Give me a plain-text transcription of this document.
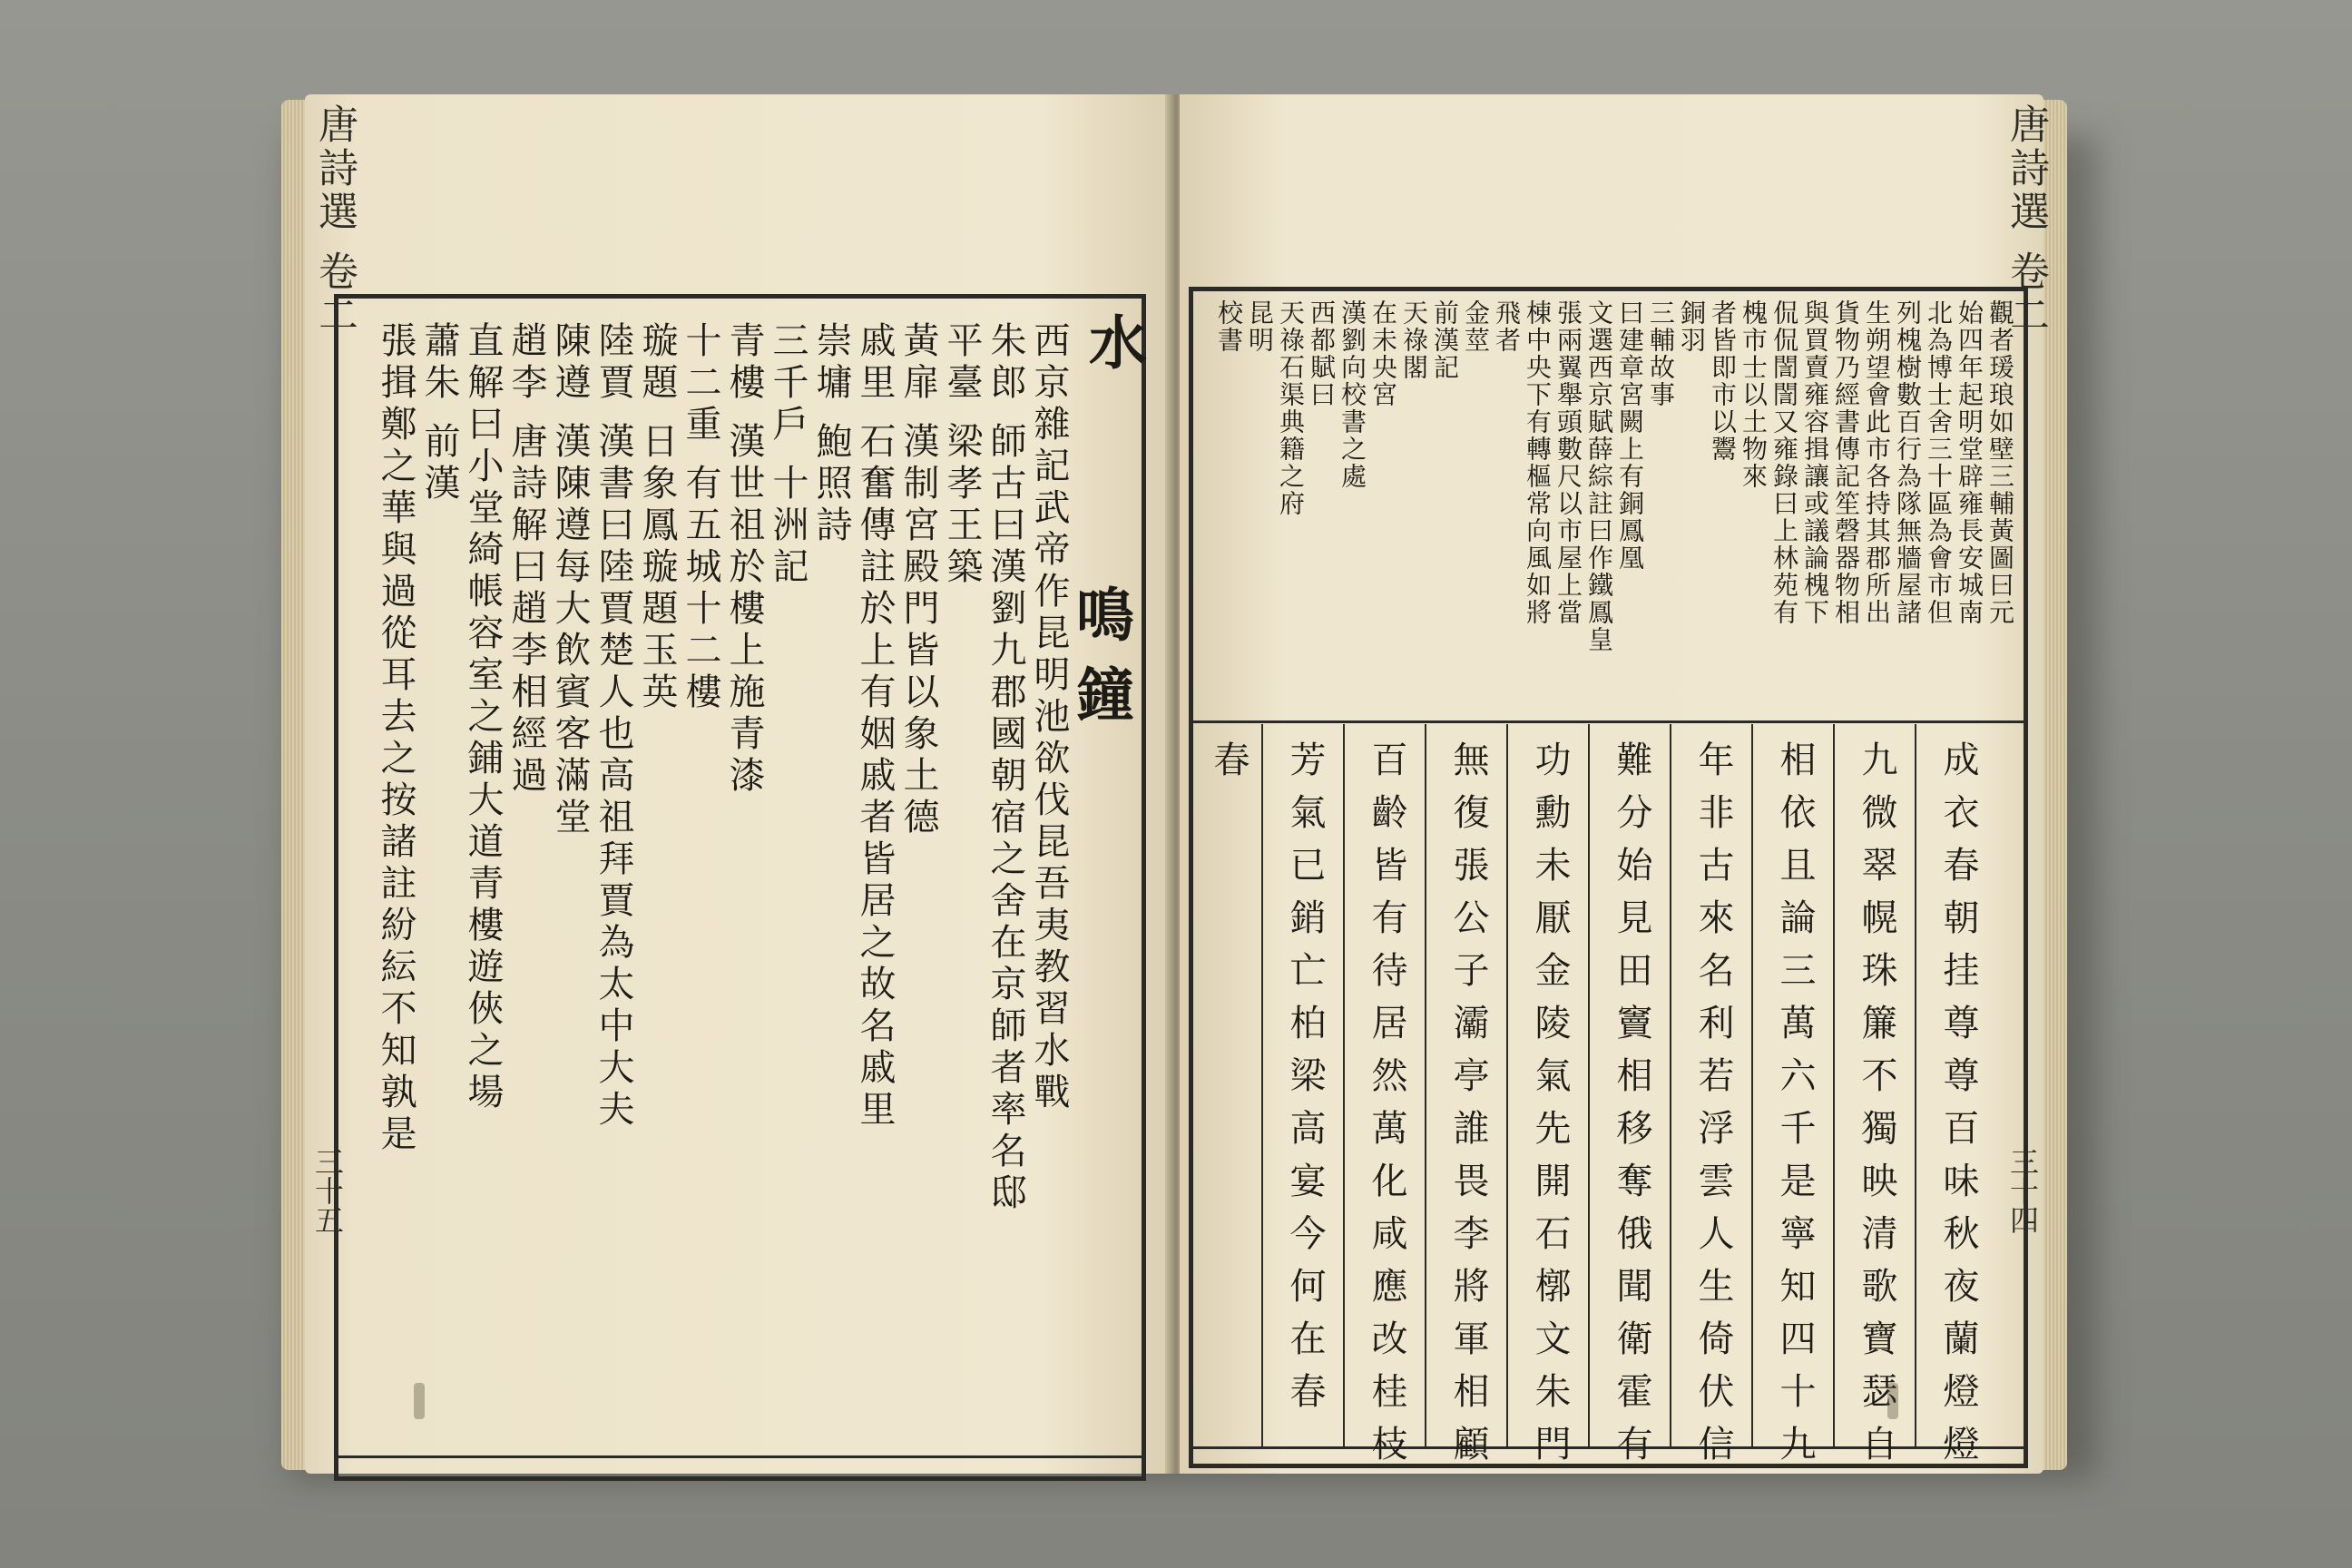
唐詩選 卷二
三十五
水
鳴鐘
西京雜記武帝作昆明池欲伐昆吾夷教習水戰
朱郎 師古曰漢劉九郡國朝宿之舍在京師者率名邸
平臺 梁孝王築
黃扉 漢制宮殿門皆以象土德
戚里 石奮傳註於上有姻戚者皆居之故名戚里
崇墉 鮑照詩
三千戶 十洲記
青樓 漢世祖於樓上施青漆
十二重 有五城十二樓
璇題 日象鳳璇題玉英
陸賈 漢書曰陸賈楚人也高祖拜賈為太中大夫
陳遵 漢陳遵每大飲賓客滿堂
趙李 唐詩解曰趙李相經過
直解曰小堂綺帳容室之鋪大道青樓遊俠之場
蕭朱 前漢
張揖鄭之華與過從耳去之按諸註紛紜不知孰是
唐詩選 卷二
三十四
觀者瑗琅如壁三輔黃圖曰元
始四年起明堂辟雍長安城南
北為博士舍三十區為會市但
列槐樹數百行為隊無牆屋諸
生朔望會此市各持其郡所出
貨物乃經書傳記笙磬器物相
與買賣雍容揖讓或議論槐下
侃侃誾誾又雍錄曰上林苑有
槐市士以土物來
者皆即市以鬻
銅羽
三輔故事
曰建章宮闕上有銅鳳凰
文選西京賦薛綜註曰作鐵鳳皇
張兩翼舉頭數尺以市屋上當
棟中央下有轉樞常向風如將
飛者
金莖
前漢記
天祿閣
在未央宮
漢劉向校書之處
西都賦曰
天祿石渠典籍之府
昆明
校書
成衣春朝挂尊尊百味秋夜蘭燈燈
九微翠幌珠簾不獨映清歌寶瑟自
相依且論三萬六千是寧知四十九
年非古來名利若浮雲人生倚伏信
難分始見田竇相移奪俄聞衛霍有
功勳未厭金陵氣先開石槨文朱門
無復張公子灞亭誰畏李將軍相顧
百齡皆有待居然萬化咸應改桂枝
芳氣已銷亡柏梁高宴今何在春
春
